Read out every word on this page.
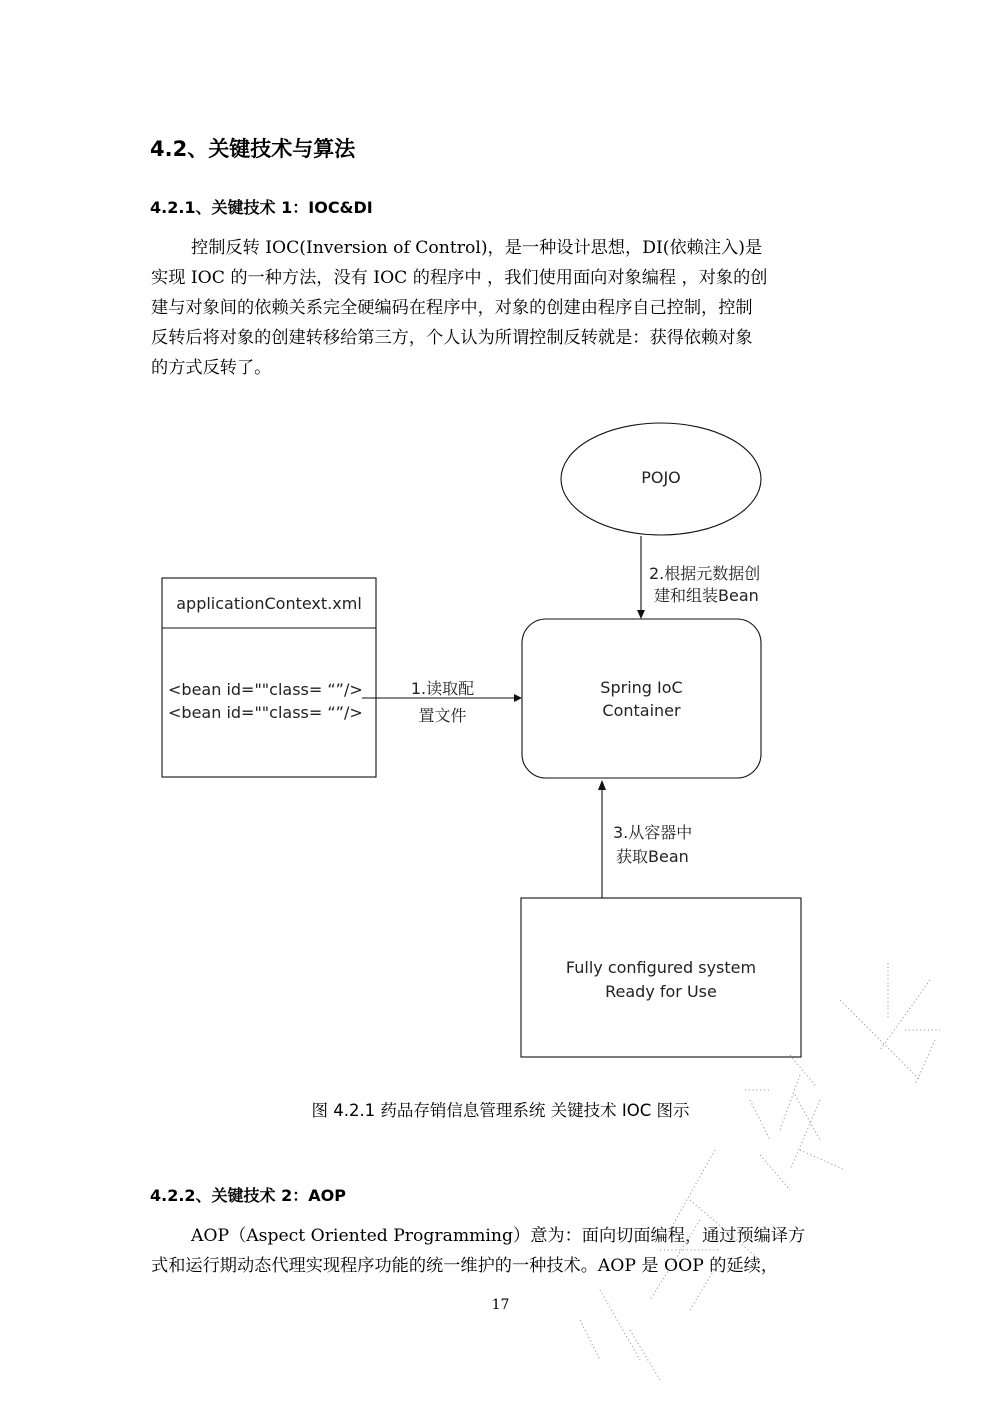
4.2、关键技术与算法
4.2.1、关键技术 1：IOC&DI
控制反转 IOC(Inversion of Control)，是一种设计思想，DI(依赖注入)是
实现 IOC 的一种方法，没有 IOC 的程序中 ，我们使用面向对象编程 ，对象的创
建与对象间的依赖关系完全硬编码在程序中，对象的创建由程序自己控制，控制
反转后将对象的创建转移给第三方，个人认为所谓控制反转就是：获得依赖对象
的方式反转了。
POJO
2.根据元数据创
建和组装Bean
applicationContext.xml
<bean id=""class= “”/>
<bean id=""class= “”/>
1.读取配
置文件
Spring IoC
Container
3.从容器中
获取Bean
Fully configured system
Ready for Use
图 4.2.1 药品存销信息管理系统 关键技术 IOC 图示
4.2.2、关键技术 2：AOP
AOP（Aspect Oriented Programming）意为：面向切面编程，通过预编译方
式和运行期动态代理实现程序功能的统一维护的一种技术。AOP 是 OOP 的延续，
17
